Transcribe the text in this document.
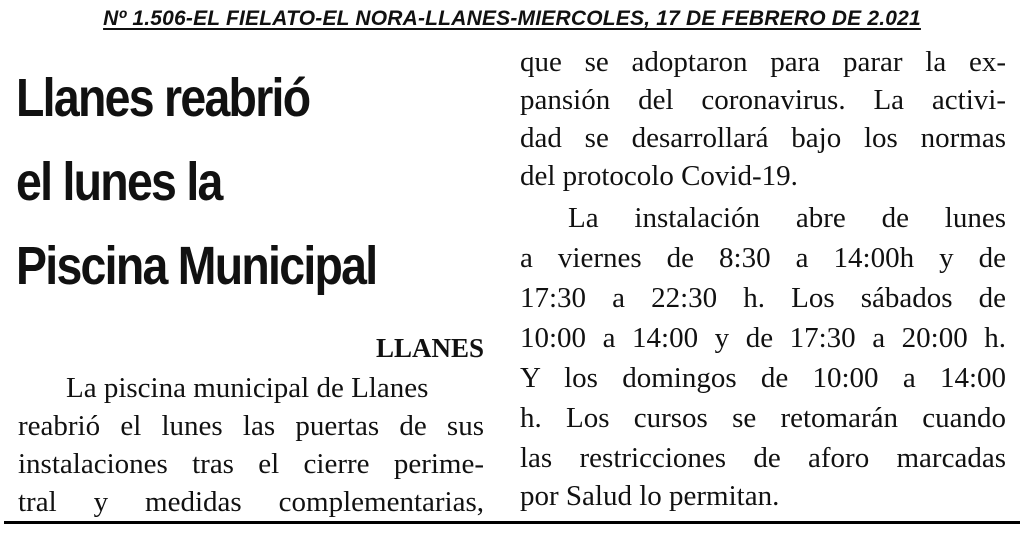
Nº 1.506-EL FIELATO-EL NORA-LLANES-MIERCOLES, 17 DE FEBRERO DE 2.021
Llanes reabrió
el lunes la
Piscina Municipal
LLANES
La piscina municipal de Llanes
reabrió el lunes las puertas de sus
instalaciones tras el cierre perime-
tral y medidas complementarias,
que se adoptaron para parar la ex-
pansión del coronavirus. La activi-
dad se desarrollará bajo los normas
del protocolo Covid-19.
La instalación abre de lunes
a viernes de 8:30 a 14:00h y de
17:30 a 22:30 h. Los sábados de
10:00 a 14:00 y de 17:30 a 20:00 h.
Y los domingos de 10:00 a 14:00
h. Los cursos se retomarán cuando
las restricciones de aforo marcadas
por Salud lo permitan.
